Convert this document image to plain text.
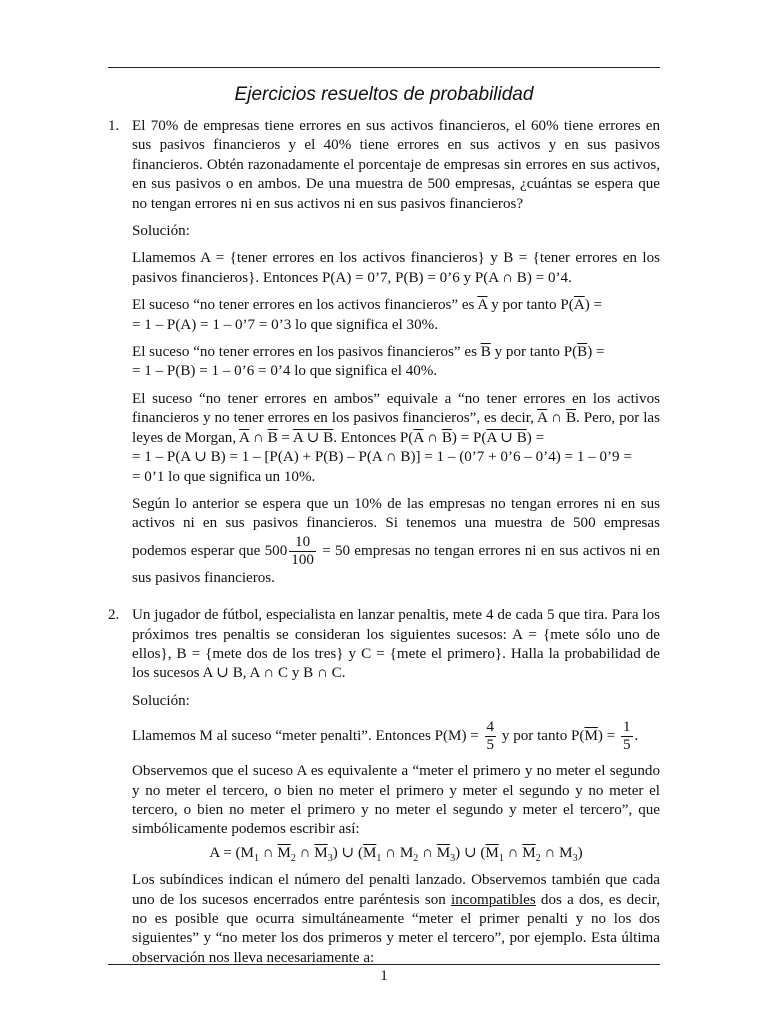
Ejercicios resueltos de probabilidad
1. El 70% de empresas tiene errores en sus activos financieros, el 60% tiene errores en sus pasivos financieros y el 40% tiene errores en sus activos y en sus pasivos financieros. Obtén razonadamente el porcentaje de empresas sin errores en sus activos, en sus pasivos o en ambos. De una muestra de 500 empresas, ¿cuántas se espera que no tengan errores ni en sus activos ni en sus pasivos financieros?

Solución:

Llamemos A = {tener errores en los activos financieros} y B = {tener errores en los pasivos financieros}. Entonces P(A) = 0’7, P(B) = 0’6 y P(A ∩ B) = 0’4.

El suceso “no tener errores en los activos financieros” es $\overline{A}$ y por tanto $P(\overline{A})$ =
= 1 – P(A) = 1 – 0’7 = 0’3 lo que significa el 30%.

El suceso “no tener errores en los pasivos financieros” es $\overline{B}$ y por tanto $P(\overline{B})$ =
= 1 – P(B) = 1 – 0’6 = 0’4 lo que significa el 40%.

El suceso “no tener errores en ambos” equivale a “no tener errores en los activos financieros y no tener errores en los pasivos financieros”, es decir, $\overline{A}$ ∩ $\overline{B}$. Pero, por las leyes de Morgan, $\overline{A}$ ∩ $\overline{B} = A$ ∪ B. Entonces $P(\overline{A}$ ∩ $\overline{B}) = P(A$ ∪ B) =
= 1 – P(A ∪ B) = 1 – [P(A) + P(B) – P(A ∩ B)] = 1 – (0’7 + 0’6 – 0’4) = 1 – 0’9 =
= 0’1 lo que significa un 10%.

Según lo anterior se espera que un 10% de las empresas no tengan errores ni en sus activos ni en sus pasivos financieros. Si tenemos una muestra de 500 empresas podemos esperar que $500 \frac{10}{100} = 50$ empresas no tengan errores ni en sus activos ni en sus pasivos financieros.

2. Un jugador de fútbol, especialista en lanzar penaltis, mete 4 de cada 5 que tira. Para los próximos tres penaltis se consideran los siguientes sucesos: A = {mete sólo uno de ellos}, B = {mete dos de los tres} y C = {mete el primero}. Halla la probabilidad de los sucesos A ∪ B, A ∩ C y B ∩ C.

Solución:

Llamemos M al suceso “meter penalti”. Entonces $P(M) = \frac{4}{5}$ y por tanto $P(\overline{M}) = \frac{1}{5}$ .

Observemos que el suceso A es equivalente a “meter el primero y no meter el segundo y no meter el tercero, o bien no meter el primero y meter el segundo y no meter el tercero, o bien no meter el primero y no meter el segundo y meter el tercero”, que simbólicamente podemos escribir así:

$A = (M_1$ ∩ $\overline{M}_2$ ∩ $\overline{M}_3$) ∪ ($\overline{M}_1$ ∩ $M_2$ ∩ $\overline{M}_3$) ∪ ($\overline{M}_1$ ∩ $\overline{M}_2$ ∩ $M_3$)

Los subíndices indican el número del penalti lanzado. Observemos también que cada uno de los sucesos encerrados entre paréntesis son incompatibles dos a dos, es decir, no es posible que ocurra simultáneamente “meter el primer penalti y no los dos siguientes” y “no meter los dos primeros y meter el tercero”, por ejemplo. Esta última observación nos lleva necesariamente a:

1
